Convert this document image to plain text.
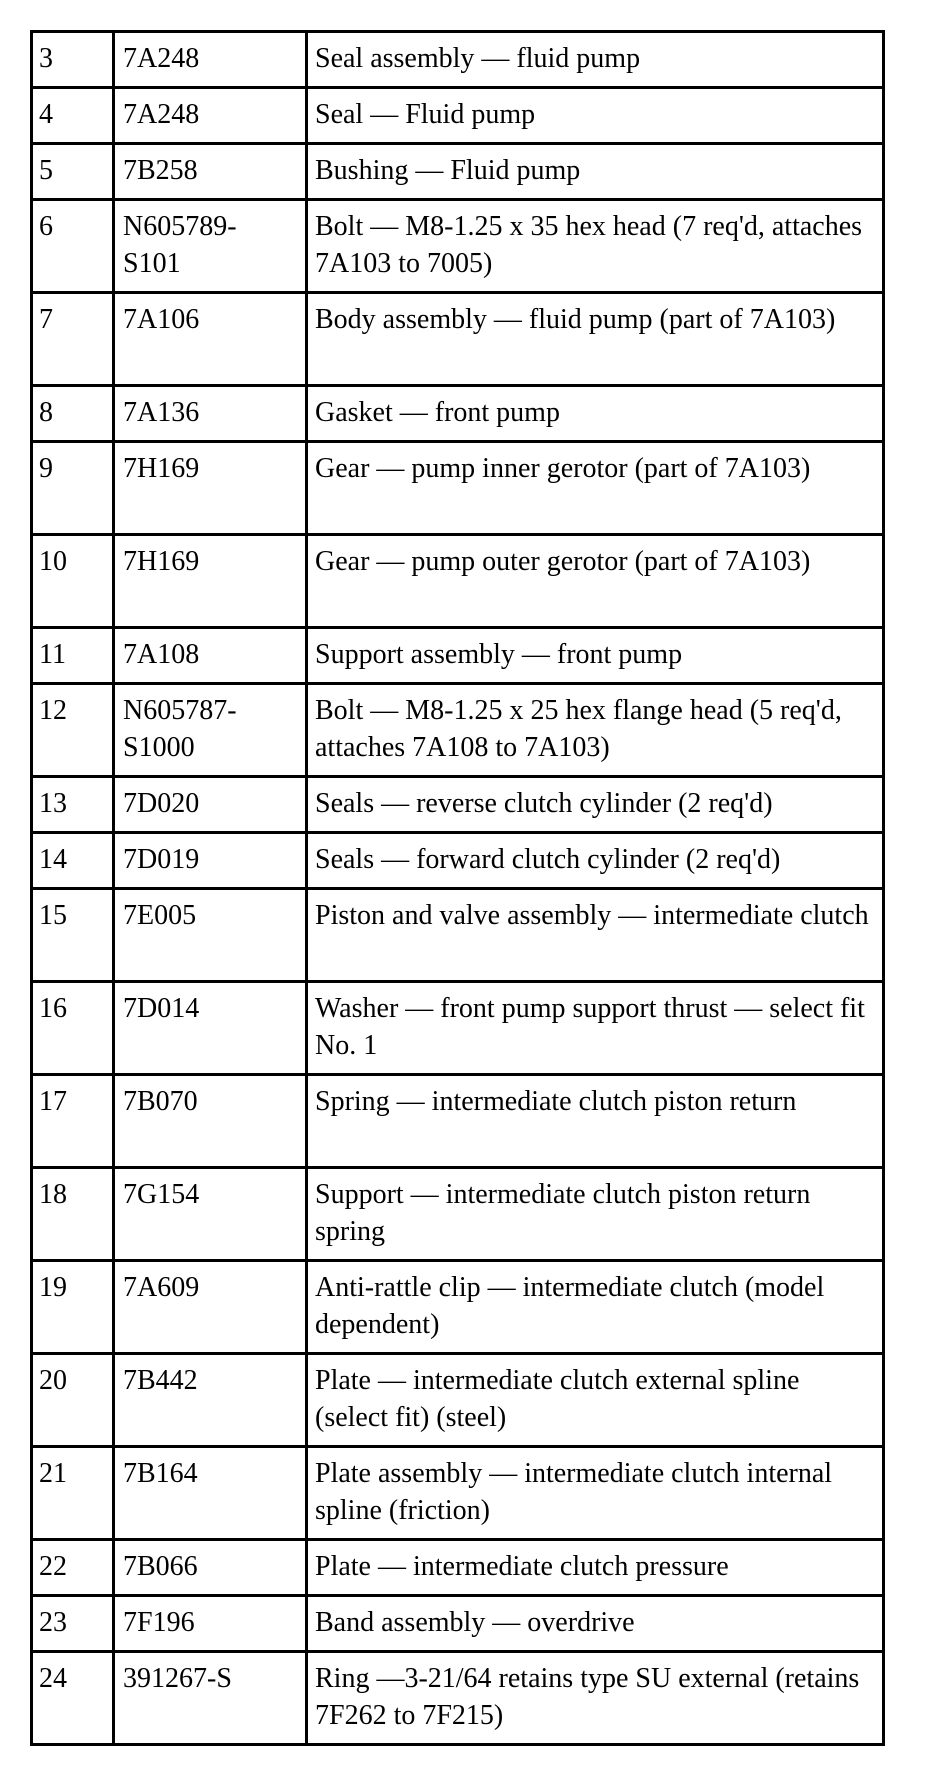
3	7A248	Seal assembly — fluid pump
4	7A248	Seal — Fluid pump
5	7B258	Bushing — Fluid pump
6	N605789-
S101	Bolt — M8-1.25 x 35 hex head (7 req'd, attaches 7A103 to 7005)
7	7A106	Body assembly — fluid pump (part of 7A103)
8	7A136	Gasket — front pump
9	7H169	Gear — pump inner gerotor (part of 7A103)
10	7H169	Gear — pump outer gerotor (part of 7A103)
11	7A108	Support assembly — front pump
12	N605787-
S1000	Bolt — M8-1.25 x 25 hex flange head (5 req'd, attaches 7A108 to 7A103)
13	7D020	Seals — reverse clutch cylinder (2 req'd)
14	7D019	Seals — forward clutch cylinder (2 req'd)
15	7E005	Piston and valve assembly — intermediate clutch
16	7D014	Washer — front pump support thrust — select fit No. 1
17	7B070	Spring — intermediate clutch piston return
18	7G154	Support — intermediate clutch piston return spring
19	7A609	Anti-rattle clip — intermediate clutch (model dependent)
20	7B442	Plate — intermediate clutch external spline (select fit) (steel)
21	7B164	Plate assembly — intermediate clutch internal spline (friction)
22	7B066	Plate — intermediate clutch pressure
23	7F196	Band assembly — overdrive
24	391267-S	Ring —3-21/64 retains type SU external (retains 7F262 to 7F215)
